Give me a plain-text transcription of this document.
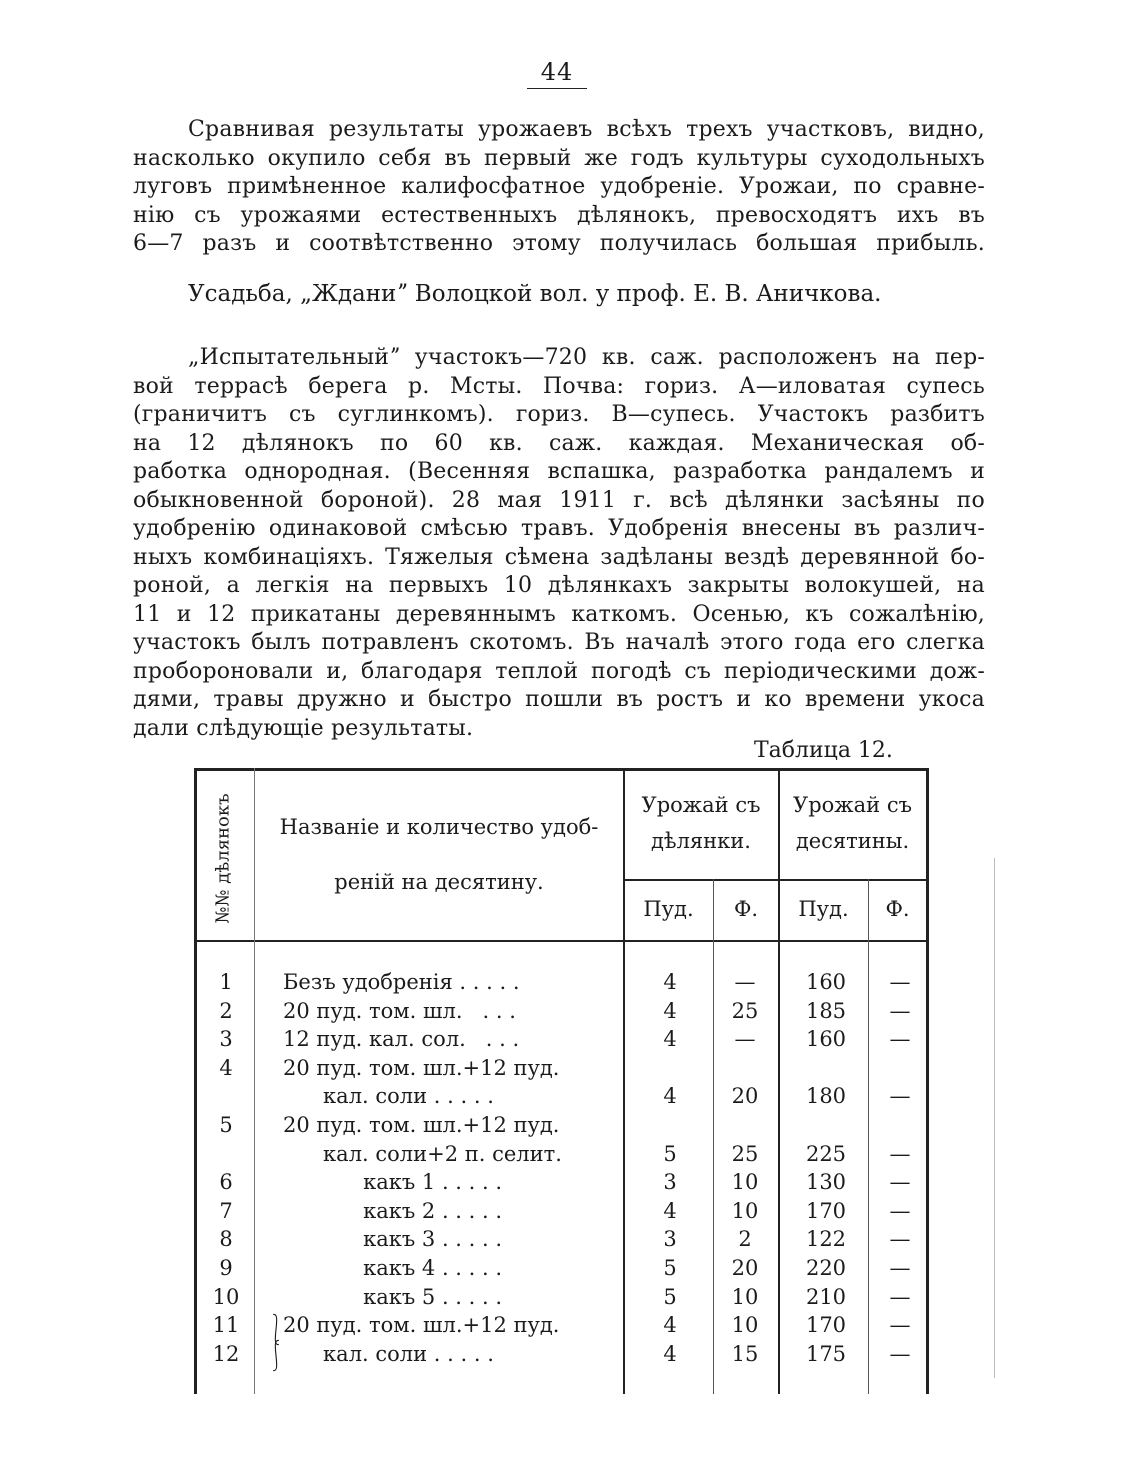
44
Сравнивая результаты урожаевъ всѣхъ трехъ участковъ, видно,
насколько окупило себя въ первый же годъ культуры суходольныхъ
луговъ примѣненное калифосфатное удобреніе. Урожаи, по сравне-
нію съ урожаями естественныхъ дѣлянокъ, превосходятъ ихъ въ
6—7 разъ и соотвѣтственно этому получилась большая прибыль.
Усадьба, „Жданиˮ Волоцкой вол. у проф. Е. В. Аничкова.
„Испытательныйˮ участокъ—720 кв. саж. расположенъ на пер-
вой террасѣ берега р. Мсты. Почва: гориз. А—иловатая супесь
(граничитъ съ суглинкомъ). гориз. В—супесь. Участокъ разбитъ
на 12 дѣлянокъ по 60 кв. саж. каждая. Механическая об-
работка однородная. (Весенняя вспашка, разработка рандалемъ и
обыкновенной бороной). 28 мая 1911 г. всѣ дѣлянки засѣяны по
удобренію одинаковой смѣсью травъ. Удобренія внесены въ различ-
ныхъ комбинаціяхъ. Тяжелыя сѣмена задѣланы вездѣ деревянной бо-
роной, а легкія на первыхъ 10 дѣлянкахъ закрыты волокушей, на
11 и 12 прикатаны деревяннымъ каткомъ. Осенью, къ сожалѣнію,
участокъ былъ потравленъ скотомъ. Въ началѣ этого года его слегка
пробороновали и, благодаря теплой погодѣ съ періодическими дож-
дями, травы дружно и быстро пошли въ ростъ и ко времени укоса
дали слѣдующіе результаты.
Таблица 12.
№№ дѣлянокъ	Названіе и количество удоб-
реній на десятину.
Урожай съ
дѣлянки.
Урожай съ
десятины.
Пуд.	Ф.	Пуд.	Ф.
1	Безъ удобренія . . . . .	4	—	160	—
2	20 пуд. том. шл.   . . .	4	25	185	—
3	12 пуд. кал. сол.   . . .	4	—	160	—
4	20 пуд. том. шл.+12 пуд.
кал. соли . . . . .	4	20	180	—
5	20 пуд. том. шл.+12 пуд.
кал. соли+2 п. селит.	5	25	225	—
6	какъ 1 . . . . .	3	10	130	—
7	какъ 2 . . . . .	4	10	170	—
8	какъ 3 . . . . .	3	2	122	—
9	какъ 4 . . . . .	5	20	220	—
10	какъ 5 . . . . .	5	10	210	—
11	20 пуд. том. шл.+12 пуд.	4	10	170	—
12	кал. соли . . . . .	4	15	175	—
⎱
⎰
